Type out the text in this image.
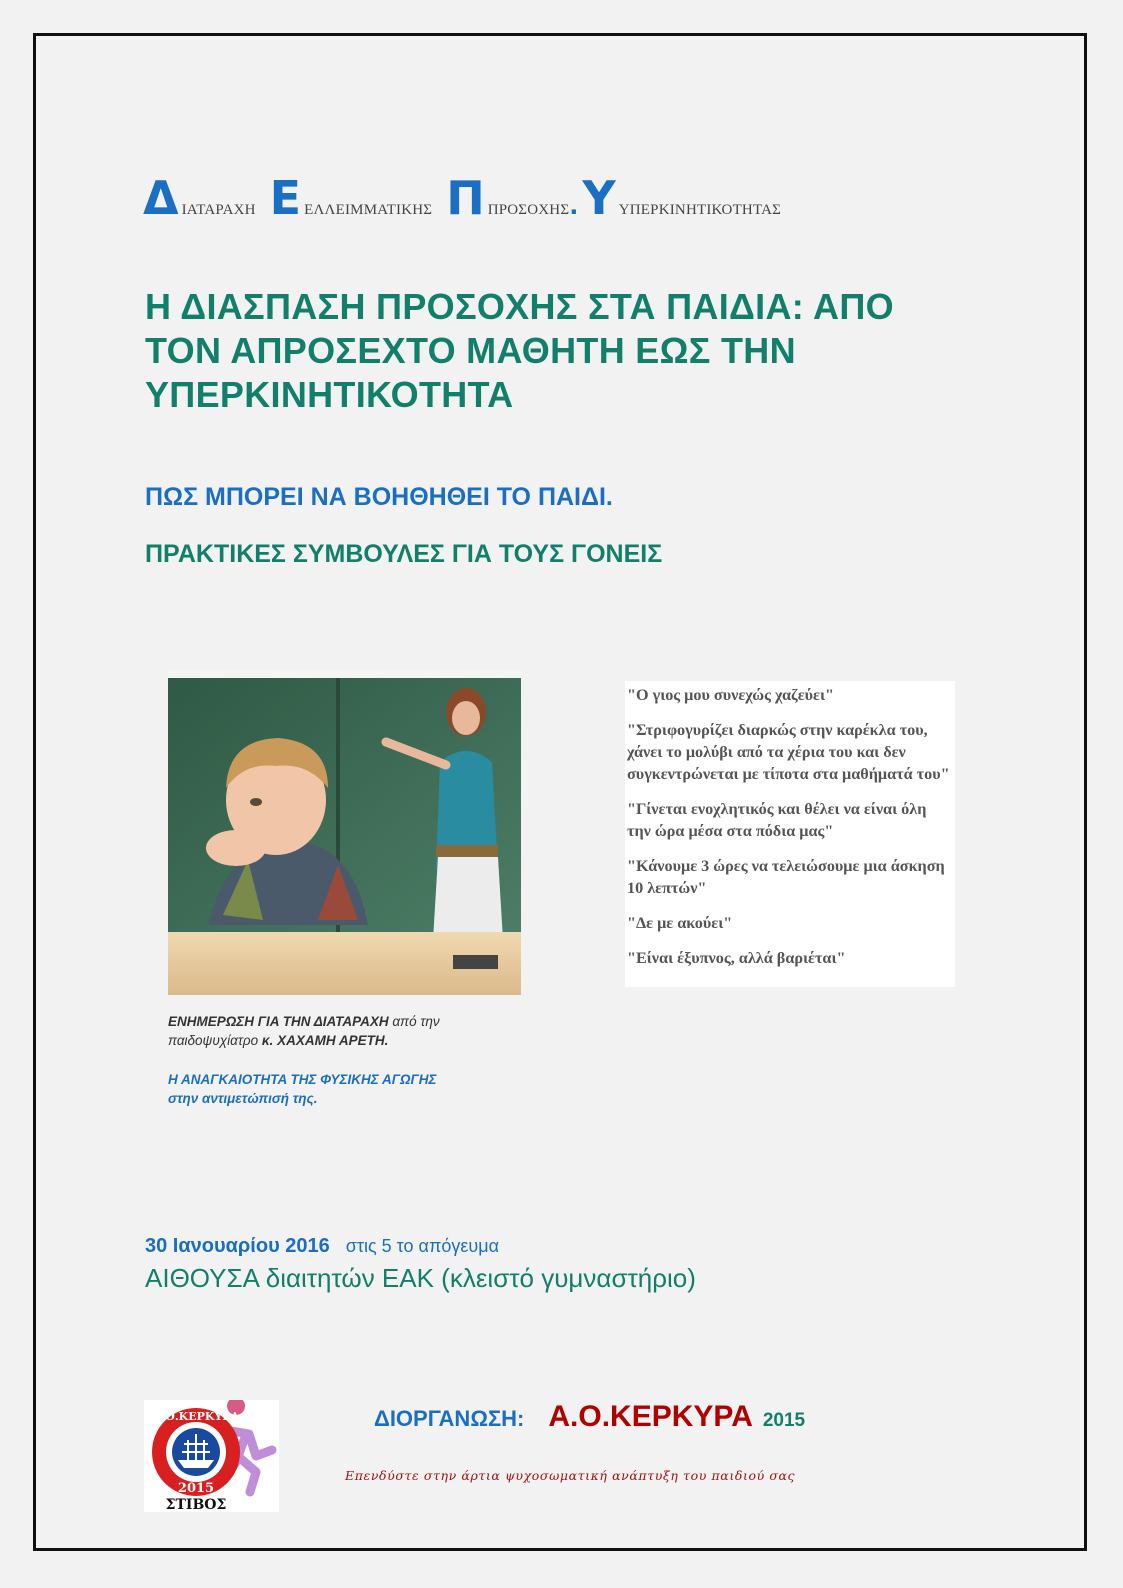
Δ ΙΑΤΑΡΑΧΗ Ε ΕΛΛΕΙΜΜΑΤΙΚΗΣ Π ΠΡΟΣΟΧΗΣ . Υ ΥΠΕΡΚΙΝΗΤΙΚΟΤΗΤΑΣ
Η ΔΙΑΣΠΑΣΗ ΠΡΟΣΟΧΗΣ ΣΤΑ ΠΑΙΔΙΑ: ΑΠΟ
ΤΟΝ ΑΠΡΟΣΕΧΤΟ ΜΑΘΗΤΗ ΕΩΣ ΤΗΝ
ΥΠΕΡΚΙΝΗΤΙΚΟΤΗΤΑ
ΠΩΣ ΜΠΟΡΕΙ ΝΑ ΒΟΗΘΗΘΕΙ ΤΟ ΠΑΙΔΙ.
ΠΡΑΚΤΙΚΕΣ ΣΥΜΒΟΥΛΕΣ ΓΙΑ ΤΟΥΣ ΓΟΝΕΙΣ
ΕΝΗΜΕΡΩΣΗ ΓΙΑ ΤΗΝ ΔΙΑΤΑΡΑΧΗ από την
παιδοψυχίατρο κ. ΧΑΧΑΜΗ ΑΡΕΤΗ.
Η ΑΝΑΓΚΑΙΟΤΗΤΑ ΤΗΣ ΦΥΣΙΚΗΣ ΑΓΩΓΗΣ
στην αντιμετώπισή της.

"Ο γιος μου συνεχώς χαζεύει"

"Στριφογυρίζει διαρκώς στην καρέκλα του, χάνει το μολύβι από τα χέρια του και δεν συγκεντρώνεται με τίποτα στα μαθήματά του"

"Γίνεται ενοχλητικός και θέλει να είναι όλη την ώρα μέσα στα πόδια μας"

"Κάνουμε 3 ώρες να τελειώσουμε μια άσκηση 10 λεπτών"

"Δε με ακούει"

"Είναι έξυπνος, αλλά βαριέται"

30 Ιανουαρίου 2016 στις 5 το απόγευμα
ΑΙΘΟΥΣΑ διαιτητών ΕΑΚ (κλειστό γυμναστήριο)
Α.Ο.ΚΕΡΚΥΡΑ
2015
ΣΤΙΒΟΣ
ΔΙΟΡΓΑΝΩΣΗ: Α.Ο.ΚΕΡΚΥΡΑ 2015
Επενδύστε στην άρτια ψυχοσωματική ανάπτυξη του παιδιού σας
